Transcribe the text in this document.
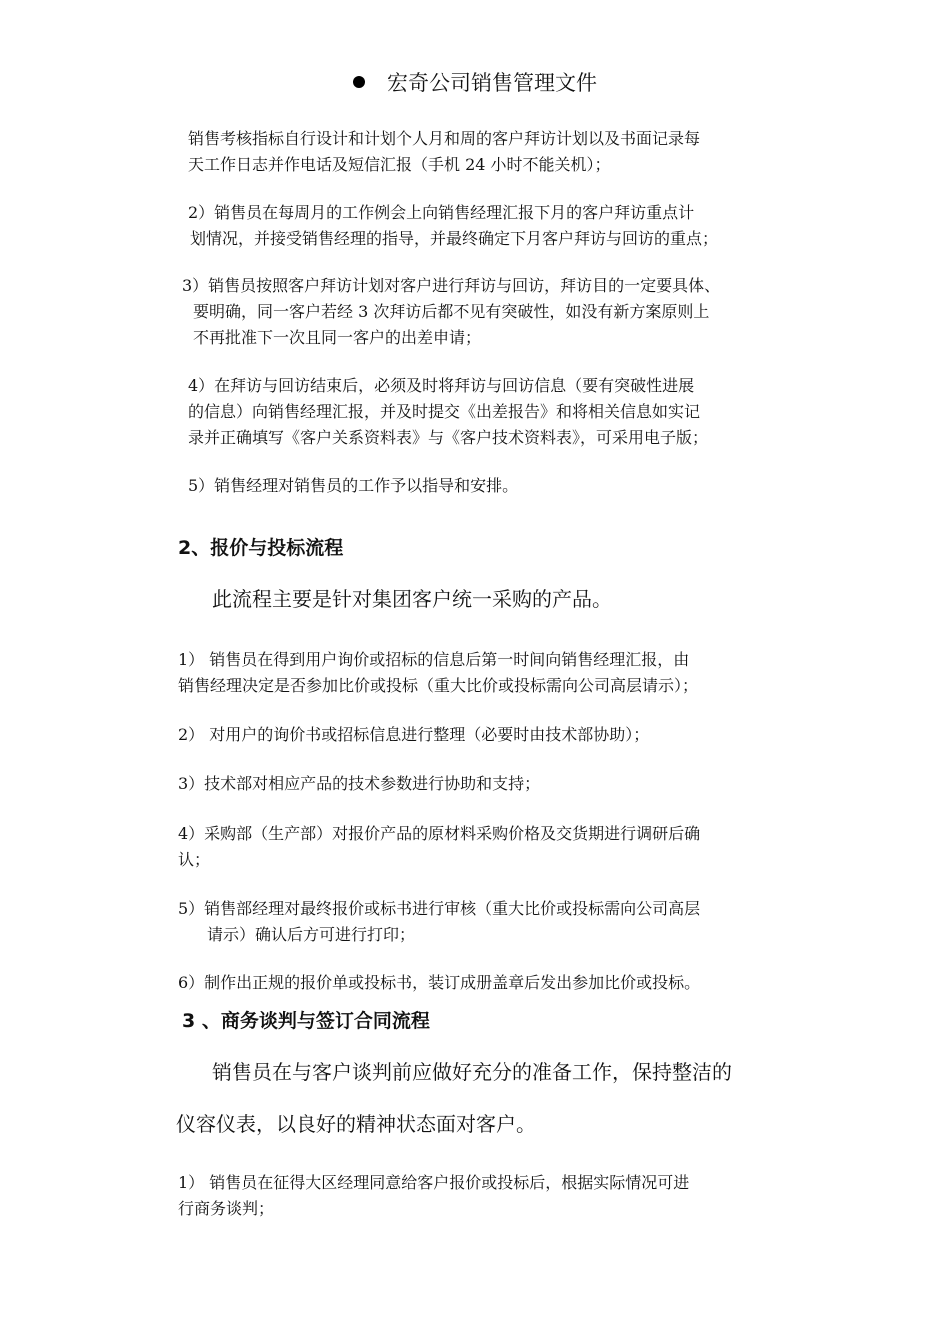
宏奇公司销售管理文件
销售考核指标自行设计和计划个人月和周的客户拜访计划以及书面记录每
天工作日志并作电话及短信汇报（手机 24 小时不能关机）；
2）销售员在每周月的工作例会上向销售经理汇报下月的客户拜访重点计
划情况，并接受销售经理的指导，并最终确定下月客户拜访与回访的重点；
3）销售员按照客户拜访计划对客户进行拜访与回访，拜访目的一定要具体、
要明确，同一客户若经 3 次拜访后都不见有突破性，如没有新方案原则上
不再批准下一次且同一客户的出差申请；
4）在拜访与回访结束后，必须及时将拜访与回访信息（要有突破性进展
的信息）向销售经理汇报，并及时提交《出差报告》和将相关信息如实记
录并正确填写《客户关系资料表》与《客户技术资料表》，可采用电子版；
5）销售经理对销售员的工作予以指导和安排。
2、报价与投标流程
此流程主要是针对集团客户统一采购的产品。
1） 销售员在得到用户询价或招标的信息后第一时间向销售经理汇报，由
销售经理决定是否参加比价或投标（重大比价或投标需向公司高层请示）；
2） 对用户的询价书或招标信息进行整理（必要时由技术部协助）；
3）技术部对相应产品的技术参数进行协助和支持；
4）采购部（生产部）对报价产品的原材料采购价格及交货期进行调研后确
认；
5）销售部经理对最终报价或标书进行审核（重大比价或投标需向公司高层
请示）确认后方可进行打印；
6）制作出正规的报价单或投标书，装订成册盖章后发出参加比价或投标。
3 、商务谈判与签订合同流程
销售员在与客户谈判前应做好充分的准备工作，保持整洁的
仪容仪表，以良好的精神状态面对客户。
1） 销售员在征得大区经理同意给客户报价或投标后，根据实际情况可进
行商务谈判；
